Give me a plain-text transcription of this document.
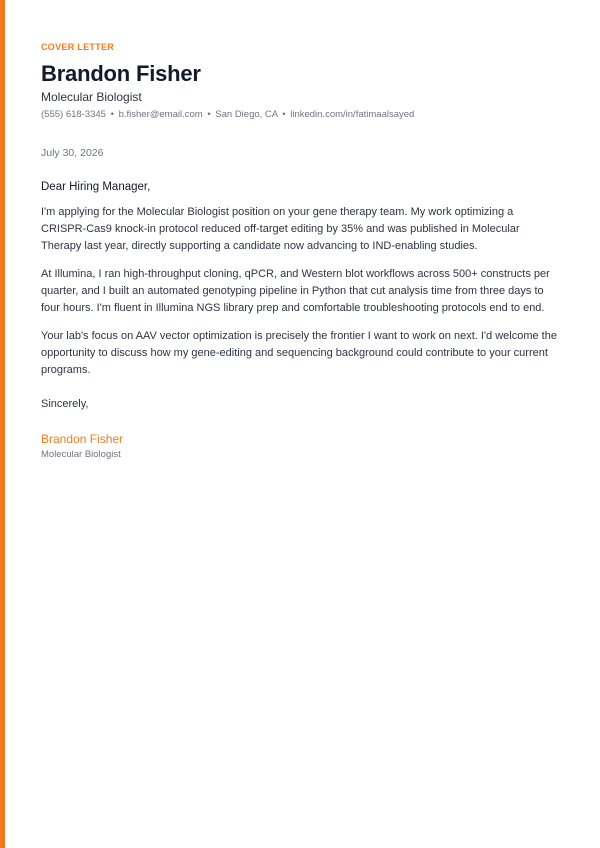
COVER LETTER
Brandon Fisher
Molecular Biologist
(555) 618-3345 • b.fisher@email.com • San Diego, CA • linkedin.com/in/fatimaalsayed
July 30, 2026
Dear Hiring Manager,

I'm applying for the Molecular Biologist position on your gene therapy team. My work optimizing a CRISPR-Cas9 knock-in protocol reduced off-target editing by 35% and was published in Molecular Therapy last year, directly supporting a candidate now advancing to IND-enabling studies.

At Illumina, I ran high-throughput cloning, qPCR, and Western blot workflows across 500+ constructs per quarter, and I built an automated genotyping pipeline in Python that cut analysis time from three days to four hours. I'm fluent in Illumina NGS library prep and comfortable troubleshooting protocols end to end.

Your lab's focus on AAV vector optimization is precisely the frontier I want to work on next. I'd welcome the opportunity to discuss how my gene-editing and sequencing background could contribute to your current programs.

Sincerely,
Brandon Fisher
Molecular Biologist
